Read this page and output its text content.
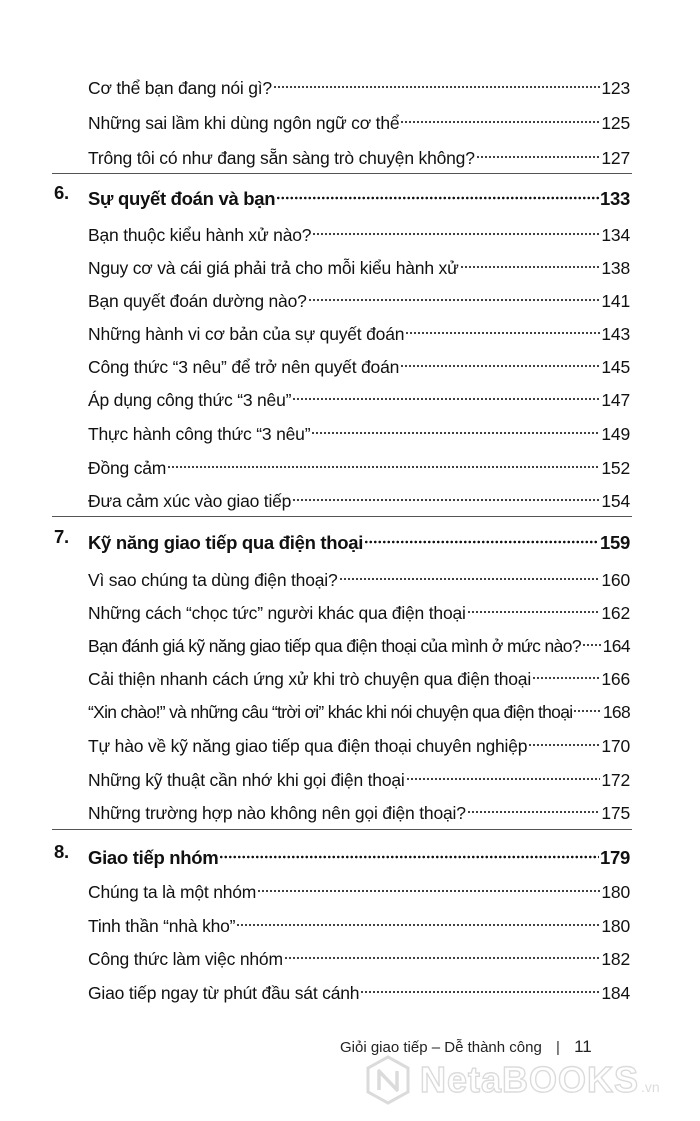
Cơ thể bạn đang nói gì?	123
Những sai lầm khi dùng ngôn ngữ cơ thể	125
Trông tôi có như đang sẵn sàng trò chuyện không?	127
6.	Sự quyết đoán và bạn	133
Bạn thuộc kiểu hành xử nào?	134
Nguy cơ và cái giá phải trả cho mỗi kiểu hành xử	138
Bạn quyết đoán dường nào?	141
Những hành vi cơ bản của sự quyết đoán	143
Công thức “3 nêu” để trở nên quyết đoán	145
Áp dụng công thức “3 nêu”	147
Thực hành công thức “3 nêu”	149
Đồng cảm	152
Đưa cảm xúc vào giao tiếp	154
7.	Kỹ năng giao tiếp qua điện thoại	159
Vì sao chúng ta dùng điện thoại?	160
Những cách “chọc tức” người khác qua điện thoại	162
Bạn đánh giá kỹ năng giao tiếp qua điện thoại của mình ở mức nào? 164
Cải thiện nhanh cách ứng xử khi trò chuyện qua điện thoại	166
“Xin chào!” và những câu “trời ơi” khác khi nói chuyện qua điện thoại 168
Tự hào về kỹ năng giao tiếp qua điện thoại chuyên nghiệp	170
Những kỹ thuật cần nhớ khi gọi điện thoại	172
Những trường hợp nào không nên gọi điện thoại?	175
8.	Giao tiếp nhóm	179
Chúng ta là một nhóm	180
Tinh thần “nhà kho”	180
Công thức làm việc nhóm	182
Giao tiếp ngay từ phút đầu sát cánh	184
Giỏi giao tiếp – Dễ thành công | 11
NetaBOOKS .vn
